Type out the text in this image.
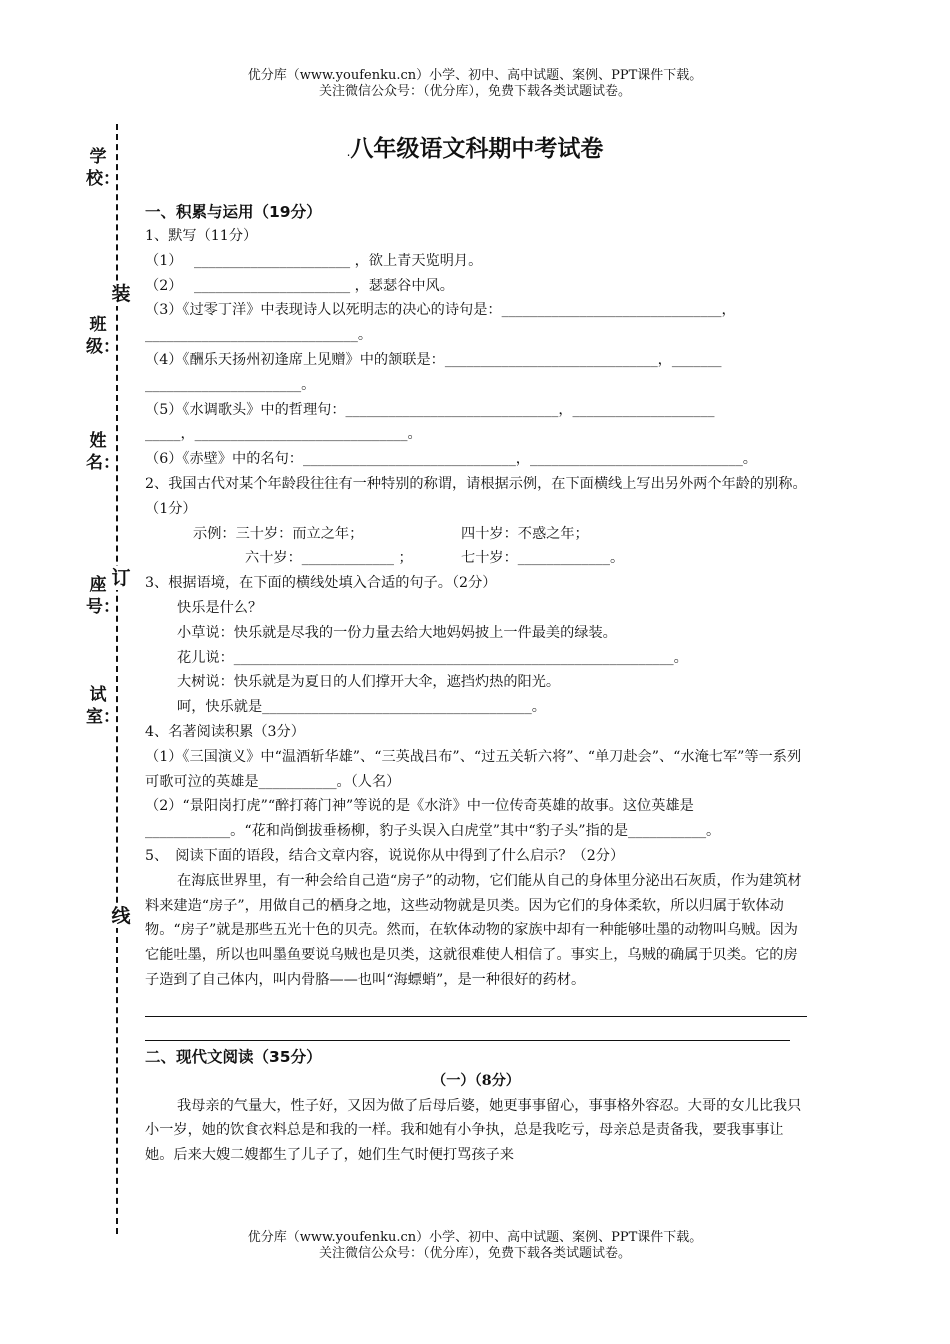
优分库（www.youfenku.cn）小学、初中、高中试题、案例、PPT课件下载。
关注微信公众号：（优分库），免费下载各类试题试卷。
学校：
装
班级：
姓名：
订
座号：
试室：
线
.八年级语文科期中考试卷

一、积累与运用（19分）

1、默写（11分）

（1）　 ______________________ ，欲上青天览明月。

（2）　 ______________________ ，瑟瑟谷中风。

（3）《过零丁洋》中表现诗人以死明志的决心的诗句是：_______________________________，

______________________________。

（4）《酬乐天扬州初逢席上见赠》中的颔联是：______________________________，_______

______________________。

（5）《水调歌头》中的哲理句：______________________________，____________________

_____，______________________________。

（6）《赤壁》中的名句：______________________________，______________________________。

2、我国古代对某个年龄段往往有一种特别的称谓，请根据示例，在下面横线上写出另外两个年龄的别称。（1分）

示例：三十岁：而立之年；	四十岁：不惑之年；

六十岁：_____________ ；	七十岁：_____________。

3、根据语境，在下面的横线处填入合适的句子。（2分）

快乐是什么？

小草说：快乐就是尽我的一份力量去给大地妈妈披上一件最美的绿装。

花儿说：______________________________________________________________。

大树说：快乐就是为夏日的人们撑开大伞，遮挡灼热的阳光。

呵，快乐就是______________________________________。

4、名著阅读积累（3分）

（1）《三国演义》中“温酒斩华雄”、“三英战吕布”、“过五关斩六将”、“单刀赴会”、“水淹七军”等一系列可歌可泣的英雄是___________。（人名）

（2）“景阳岗打虎”“醉打蒋门神”等说的是《水浒》中一位传奇英雄的故事。这位英雄是____________。“花和尚倒拔垂杨柳，豹子头误入白虎堂”其中“豹子头”指的是___________。

5、　阅读下面的语段，结合文章内容，说说你从中得到了什么启示？（2分）

在海底世界里，有一种会给自己造“房子”的动物，它们能从自己的身体里分泌出石灰质，作为建筑材料来建造“房子”，用做自己的栖身之地，这些动物就是贝类。因为它们的身体柔软，所以归属于软体动物。“房子”就是那些五光十色的贝壳。然而，在软体动物的家族中却有一种能够吐墨的动物叫乌贼。因为它能吐墨，所以也叫墨鱼要说乌贼也是贝类，这就很难使人相信了。事实上，乌贼的确属于贝类。它的房子造到了自己体内，叫内骨胳——也叫“海螵蛸”，是一种很好的药材。

二、现代文阅读（35分）

（一）（8分）

我母亲的气量大，性子好，又因为做了后母后婆，她更事事留心，事事格外容忍。大哥的女儿比我只小一岁，她的饮食衣料总是和我的一样。我和她有小争执，总是我吃亏，母亲总是责备我，要我事事让她。后来大嫂二嫂都生了儿子了，她们生气时便打骂孩子来

优分库（www.youfenku.cn）小学、初中、高中试题、案例、PPT课件下载。
关注微信公众号：（优分库），免费下载各类试题试卷。
